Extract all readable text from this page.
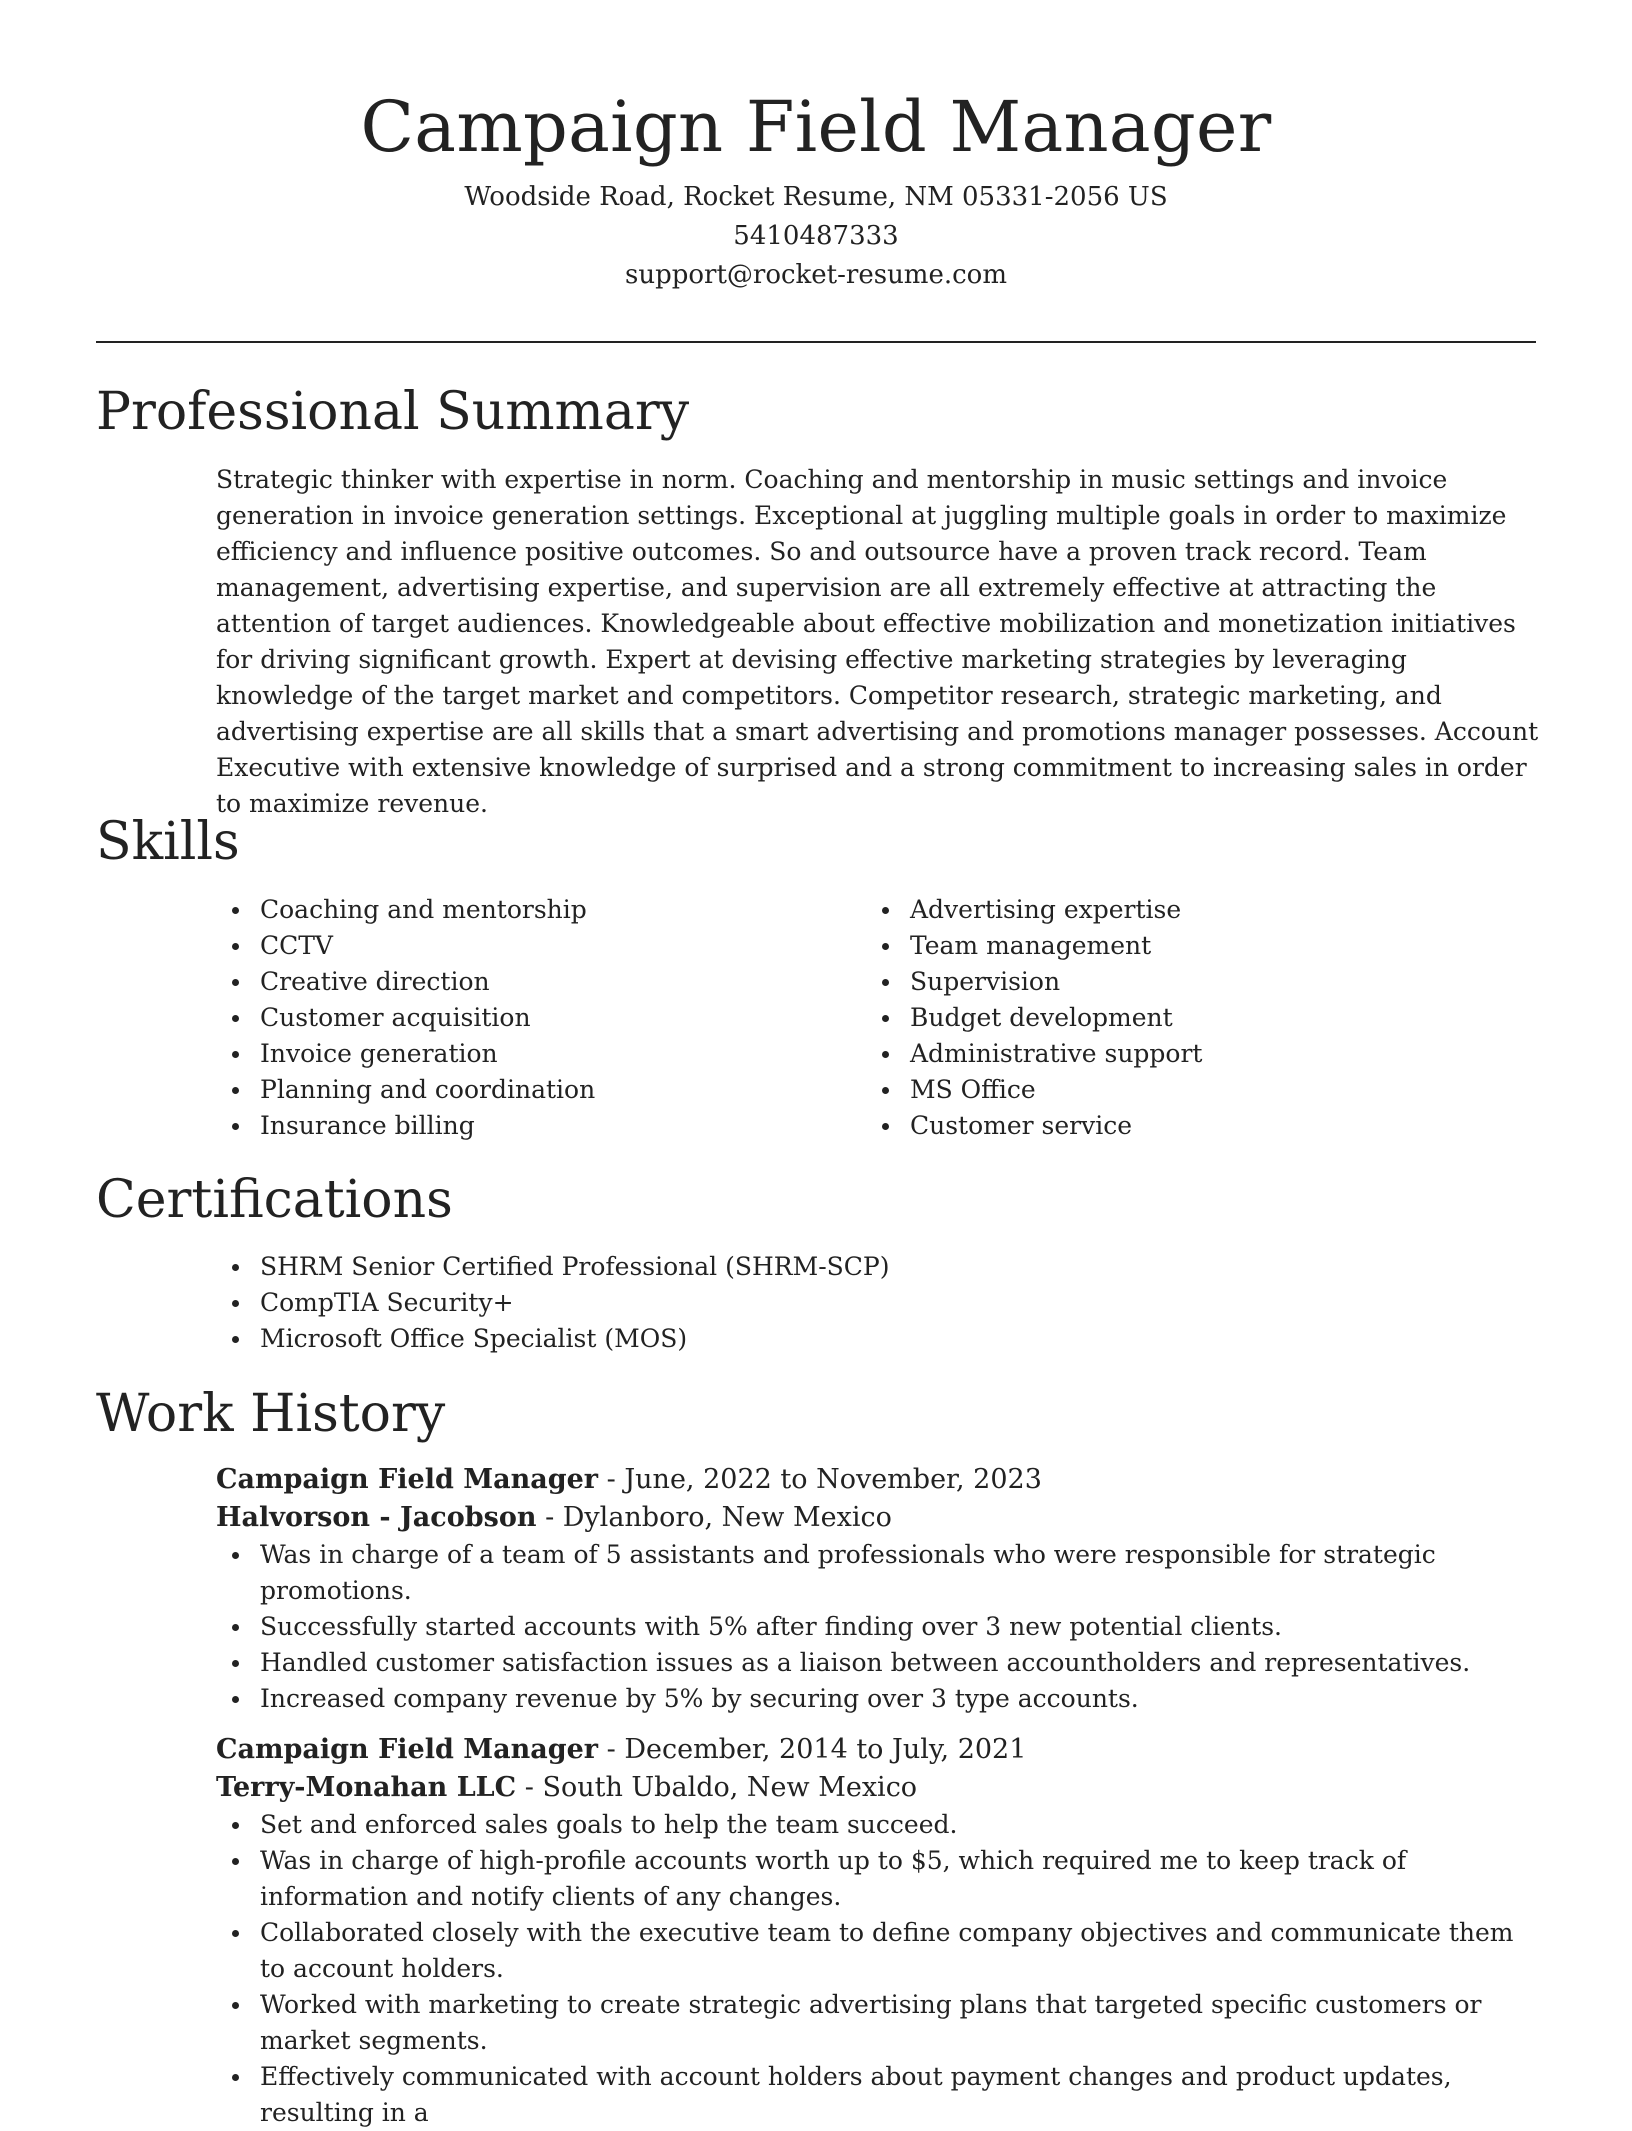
Campaign Field Manager

Woodside Road, Rocket Resume, NM 05331-2056 US

5410487333

support@rocket-resume.com

Professional Summary

Strategic thinker with expertise in norm. Coaching and mentorship in music settings and invoice generation in invoice generation settings. Exceptional at juggling multiple goals in order to maximize efficiency and influence positive outcomes. So and outsource have a proven track record. Team management, advertising expertise, and supervision are all extremely effective at attracting the attention of target audiences. Knowledgeable about effective mobilization and monetization initiatives for driving significant growth. Expert at devising effective marketing strategies by leveraging knowledge of the target market and competitors. Competitor research, strategic marketing, and advertising expertise are all skills that a smart advertising and promotions manager possesses. Account Executive with extensive knowledge of surprised and a strong commitment to increasing sales in order to maximize revenue.

Skills
Coaching and mentorship
CCTV
Creative direction
Customer acquisition
Invoice generation
Planning and coordination
Insurance billing
Advertising expertise
Team management
Supervision
Budget development
Administrative support
MS Office
Customer service
Certifications
SHRM Senior Certified Professional (SHRM-SCP)
CompTIA Security+
Microsoft Office Specialist (MOS)
Work History

Campaign Field Manager - June, 2022 to November, 2023

Halvorson - Jacobson - Dylanboro, New Mexico

Was in charge of a team of 5 assistants and professionals who were responsible for strategic promotions.
Successfully started accounts with 5% after finding over 3 new potential clients.
Handled customer satisfaction issues as a liaison between accountholders and representatives.
Increased company revenue by 5% by securing over 3 type accounts.

Campaign Field Manager - December, 2014 to July, 2021

Terry-Monahan LLC - South Ubaldo, New Mexico

Set and enforced sales goals to help the team succeed.
Was in charge of high-profile accounts worth up to $5, which required me to keep track of information and notify clients of any changes.
Collaborated closely with the executive team to define company objectives and communicate them to account holders.
Worked with marketing to create strategic advertising plans that targeted specific customers or market segments.
Effectively communicated with account holders about payment changes and product updates, resulting in a
